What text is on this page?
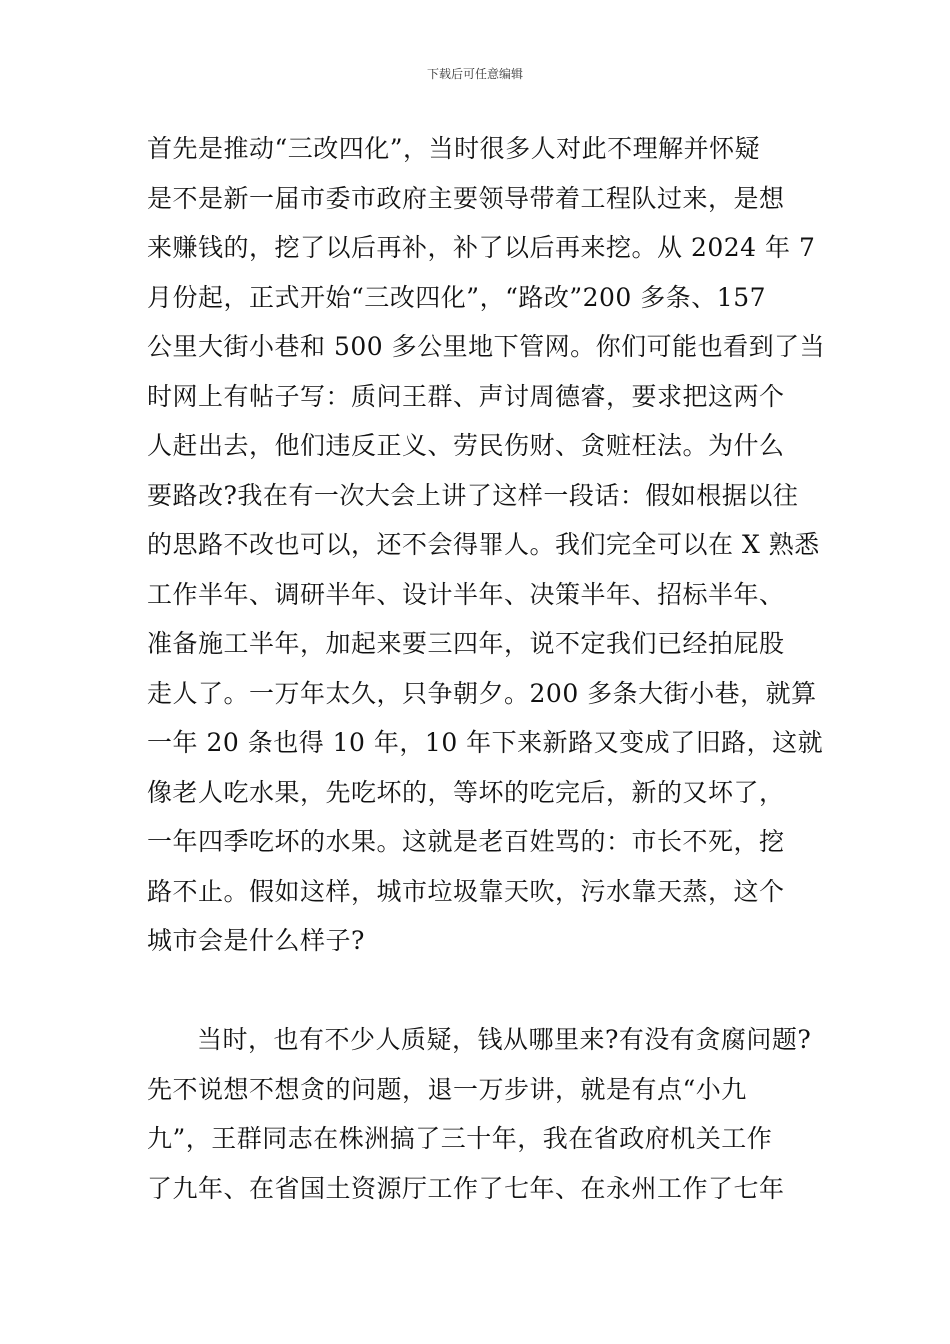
下载后可任意编辑
首先是推动“三改四化”，当时很多人对此不理解并怀疑
是不是新一届市委市政府主要领导带着工程队过来，是想
来赚钱的，挖了以后再补，补了以后再来挖。从 2024 年 7
月份起，正式开始“三改四化”，“路改”200 多条、157
公里大街小巷和 500 多公里地下管网。你们可能也看到了当
时网上有帖子写：质问王群、声讨周德睿，要求把这两个
人赶出去，他们违反正义、劳民伤财、贪赃枉法。为什么
要路改?我在有一次大会上讲了这样一段话：假如根据以往
的思路不改也可以，还不会得罪人。我们完全可以在 X 熟悉
工作半年、调研半年、设计半年、决策半年、招标半年、
准备施工半年，加起来要三四年，说不定我们已经拍屁股
走人了。一万年太久，只争朝夕。200 多条大街小巷，就算
一年 20 条也得 10 年，10 年下来新路又变成了旧路，这就
像老人吃水果，先吃坏的，等坏的吃完后，新的又坏了，
一年四季吃坏的水果。这就是老百姓骂的：市长不死，挖
路不止。假如这样，城市垃圾靠天吹，污水靠天蒸，这个
城市会是什么样子?
当时，也有不少人质疑，钱从哪里来?有没有贪腐问题?
先不说想不想贪的问题，退一万步讲，就是有点“小九
九”，王群同志在株洲搞了三十年，我在省政府机关工作
了九年、在省国土资源厅工作了七年、在永州工作了七年
